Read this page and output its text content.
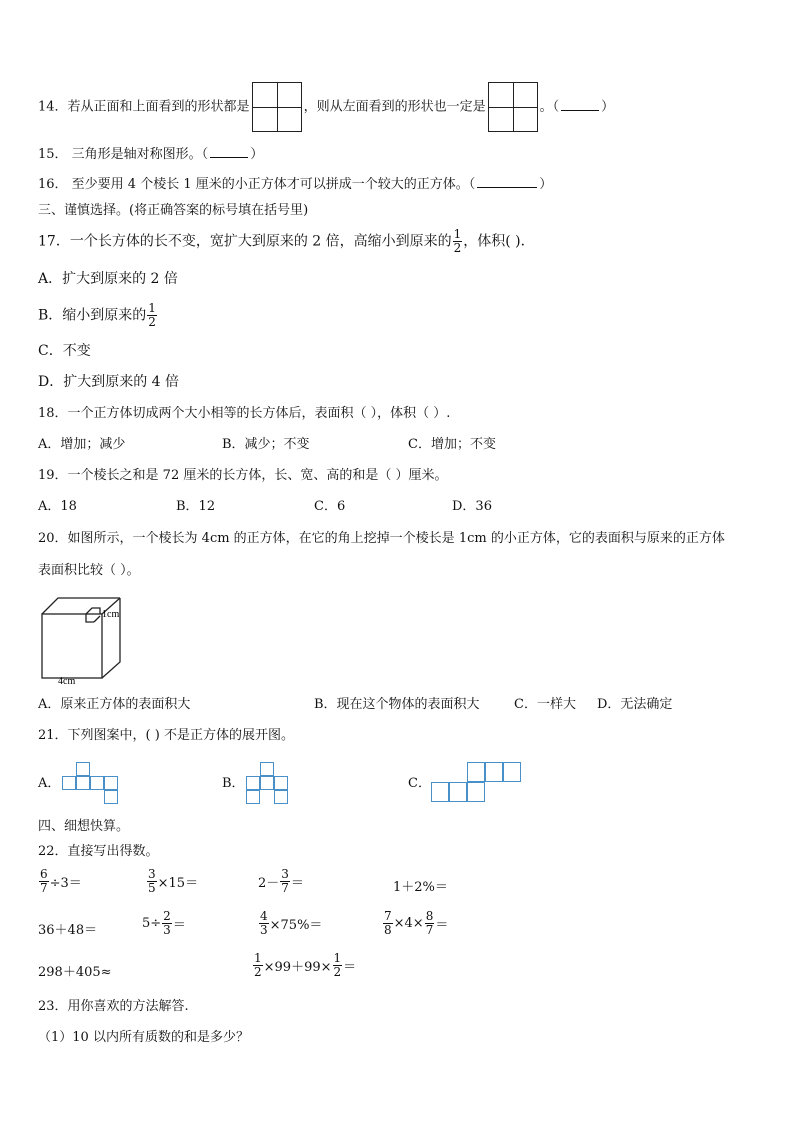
14．若从正面和上面看到的形状都是	，则从左面看到的形状也一定是	。（	）
15． 三角形是轴对称图形。（	）
16． 至少要用 4 个棱长 1 厘米的小正方体才可以拼成一个较大的正方体。（	）
三、谨慎选择。(将正确答案的标号填在括号里)
17．一个长方体的长不变，宽扩大到原来的 2 倍，高缩小到原来的 $\frac{1}{2}$ ，体积( )．
A．扩大到原来的 2 倍
B．缩小到原来的 $\frac{1}{2}$
C．不变
D．扩大到原来的 4 倍
18．一个正方体切成两个大小相等的长方体后，表面积（ ），体积（ ）.
A．增加；减少	B．减少；不变	C．增加；不变
19．一个棱长之和是 72 厘米的长方体，长、宽、高的和是（ ）厘米。
A．18	B．12	C．6	D．36
20．如图所示，一个棱长为 4cm 的正方体，在它的角上挖掉一个棱长是 1cm 的小正方体，它的表面积与原来的正方体
表面积比较（ ）。
1cm
4cm
A．原来正方体的表面积大	B．现在这个物体的表面积大	C．一样大 D．无法确定
21．下列图案中，( ) 不是正方体的展开图。
A．	B．	C．
四、细想快算。
22．直接写出得数。
$\frac{6}{7} \div 3=$	$\frac{3}{5} \times 15=$	$2- \frac{3}{7}$ ＝	1＋2%＝
36＋48＝	$5\div \frac{2}{3}$ ＝	$\frac{4}{3} \times 75\%=$	$\frac{7}{8} \times 4\times \frac{8}{7}$ ＝
298＋405≈	$\frac{1}{2} \times 99+99\times \frac{1}{2}$ ＝
23．用你喜欢的方法解答.
（1）10 以内所有质数的和是多少？
